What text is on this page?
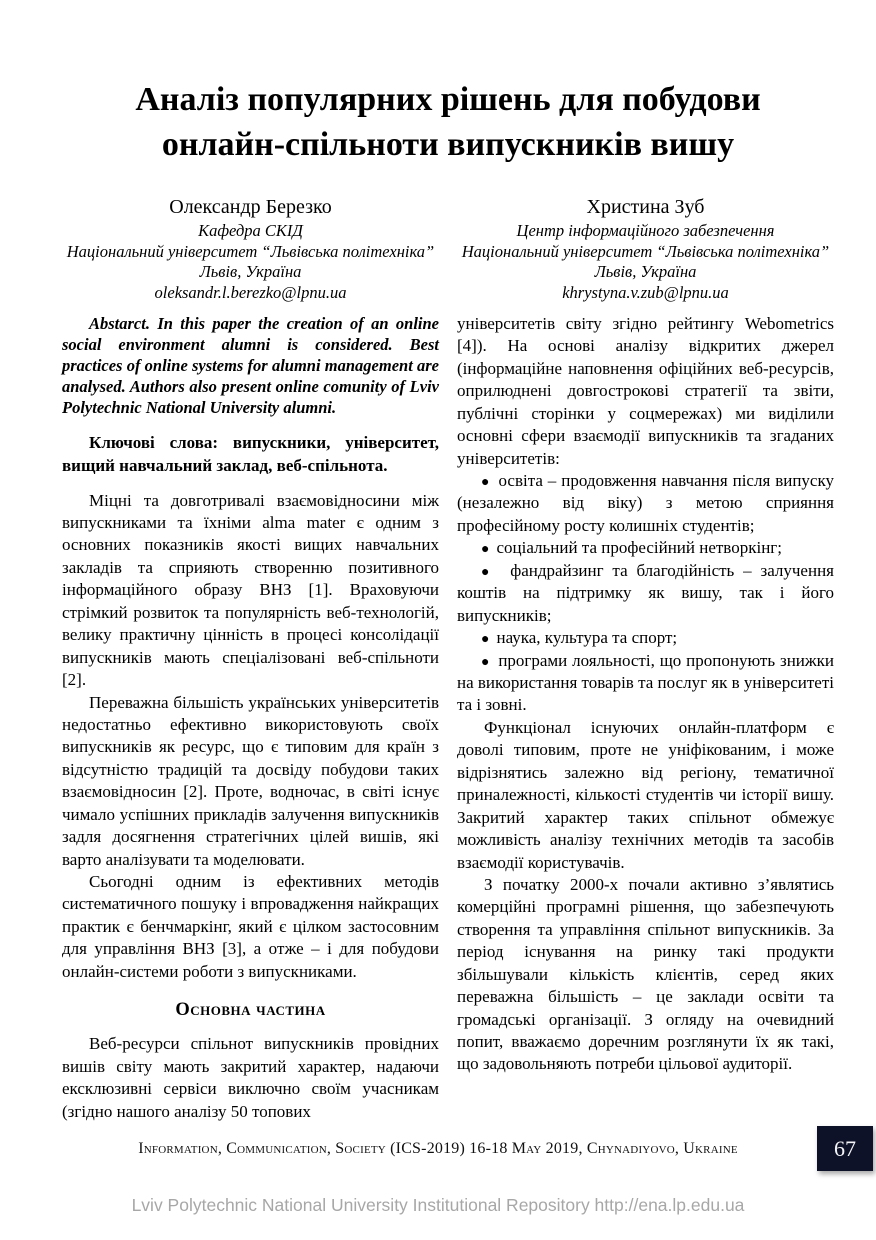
Аналіз популярних рішень для побудови онлайн-спільноти випускників вишу
Олександр Березко
Кафедра СКІД
Національний університет “Львівська політехніка”
Львів, Україна
oleksandr.l.berezko@lpnu.ua

Abstarct. In this paper the creation of an online social environment alumni is considered. Best practices of online systems for alumni management are analysed. Authors also present online comunity of Lviv Polytechnic National University alumni.

Ключові слова: випускники, університет, вищий навчальний заклад, веб-спільнота.

Міцні та довготривалі взаємовідносини між випускниками та їхніми alma mater є одним з основних показників якості вищих навчальних закладів та сприяють створенню позитивного інформаційного образу ВНЗ [1]. Враховуючи стрімкий розвиток та популярність веб-технологій, велику практичну цінність в процесі консолідації випускників мають спеціалізовані веб-спільноти [2].

Переважна більшість українських університетів недостатньо ефективно використовують своїх випускників як ресурс, що є типовим для країн з відсутністю традицій та досвіду побудови таких взаємовідносин [2]. Проте, водночас, в світі існує чимало успішних прикладів залучення випускників задля досягнення стратегічних цілей вишів, які варто аналізувати та моделювати.

Сьогодні одним із ефективних методів систематичного пошуку і впровадження найкращих практик є бенчмаркінг, який є цілком застосовним для управління ВНЗ [3], а отже – і для побудови онлайн-системи роботи з випускниками.

Основна частина

Веб-ресурси спільнот випускників провідних вишів світу мають закритий характер, надаючи ексклюзивні сервіси виключно своїм учасникам (згідно нашого аналізу 50 топових

Христина Зуб
Центр інформаційного забезпечення
Національний університет “Львівська політехніка”
Львів, Україна
khrystyna.v.zub@lpnu.ua

університетів світу згідно рейтингу Webometrics [4]). На основі аналізу відкритих джерел (інформаційне наповнення офіційних веб-ресурсів, оприлюднені довгострокові стратегії та звіти, публічні сторінки у соцмережах) ми виділили основні сфери взаємодії випускників та згаданих університетів:

●  освіта – продовження навчання після випуску (незалежно від віку) з метою сприяння професійному росту колишніх студентів;
●  соціальний та професійний нетворкінг;
●  фандрайзинг та благодійність – залучення коштів на підтримку як вишу, так і його випускників;
●  наука, культура та спорт;
●  програми лояльності, що пропонують знижки на використання товарів та послуг як в університеті та і зовні.

Функціонал існуючих онлайн-платформ є доволі типовим, проте не уніфікованим, і може відрізнятись залежно від регіону, тематичної приналежності, кількості студентів чи історії вишу. Закритий характер таких спільнот обмежує можливість аналізу технічних методів та засобів взаємодії користувачів.

З початку 2000-х почали активно з’являтись комерційні програмні рішення, що забезпечують створення та управління спільнот випускників. За період існування на ринку такі продукти збільшували кількість клієнтів, серед яких переважна більшість – це заклади освіти та громадські організації. З огляду на очевидний попит, вважаємо доречним розглянути їх як такі, що задовольняють потреби цільової аудиторії.

Information, Communication, Society (ICS-2019) 16-18 May 2019, Chynadiyovo, Ukraine	67
Lviv Polytechnic National University Institutional Repository http://ena.lp.edu.ua
